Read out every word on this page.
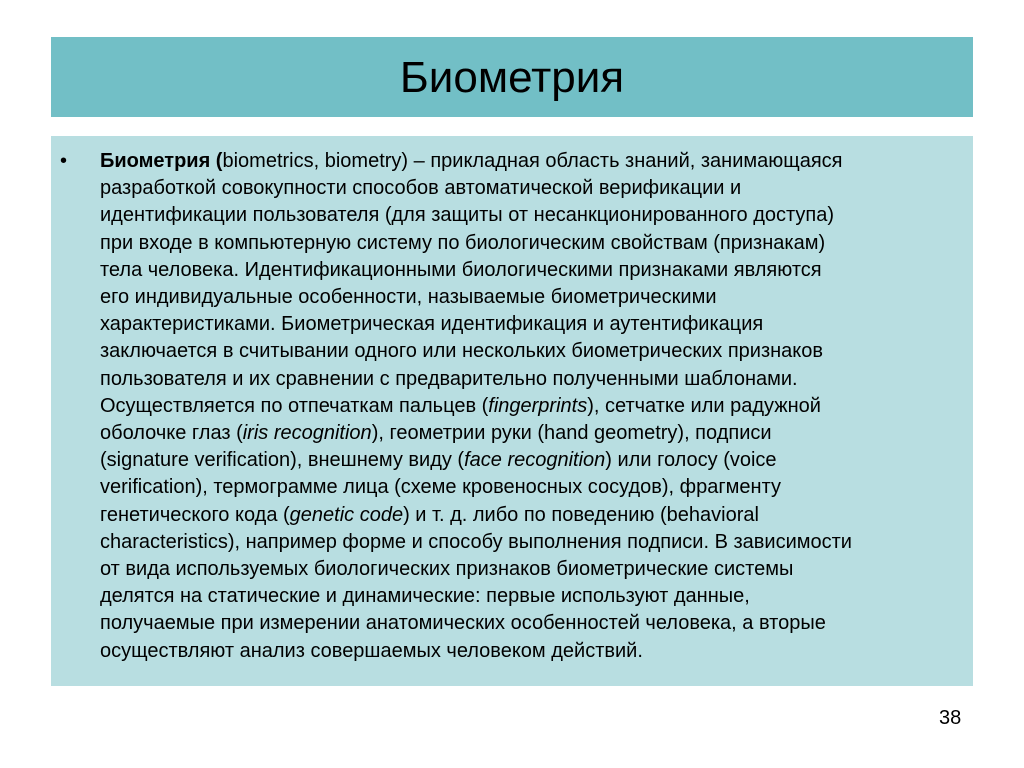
Биометрия
• Биометрия (biometrics, biometry) – прикладная область знаний, занимающаяся
разработкой совокупности способов автоматической верификации и
идентификации пользователя (для защиты от несанкционированного доступа)
при входе в компьютерную систему по биологическим свойствам (признакам)
тела человека. Идентификационными биологическими признаками являются
его индивидуальные особенности, называемые биометрическими
характеристиками. Биометрическая идентификация и аутентификация
заключается в считывании одного или нескольких биометрических признаков
пользователя и их сравнении с предварительно полученными шаблонами.
Осуществляется по отпечаткам пальцев (fingerprints), сетчатке или радужной
оболочке глаз (iris recognition), геометрии руки (hand geometry), подписи
(signature verification), внешнему виду (face recognition) или голосу (voice
verification), термограмме лица (схеме кровеносных сосудов), фрагменту
генетического кода (genetic code) и т. д. либо по поведению (behavioral
characteristics), например форме и способу выполнения подписи. В зависимости
от вида используемых биологических признаков биометрические системы
делятся на статические и динамические: первые используют данные,
получаемые при измерении анатомических особенностей человека, а вторые
осуществляют анализ совершаемых человеком действий.
38
